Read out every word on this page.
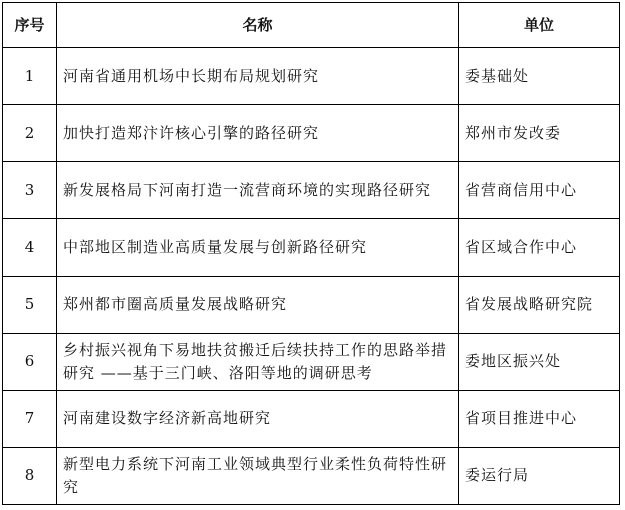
序号	名称	单位
1	河南省通用机场中长期布局规划研究	委基础处
2	加快打造郑汴许核心引擎的路径研究	郑州市发改委
3	新发展格局下河南打造一流营商环境的实现路径研究	省营商信用中心
4	中部地区制造业高质量发展与创新路径研究	省区域合作中心
5	郑州都市圈高质量发展战略研究	省发展战略研究院
6	乡村振兴视角下易地扶贫搬迁后续扶持工作的思路举措研究 ——基于三门峡、洛阳等地的调研思考	委地区振兴处
7	河南建设数字经济新高地研究	省项目推进中心
8	新型电力系统下河南工业领域典型行业柔性负荷特性研究	委运行局
